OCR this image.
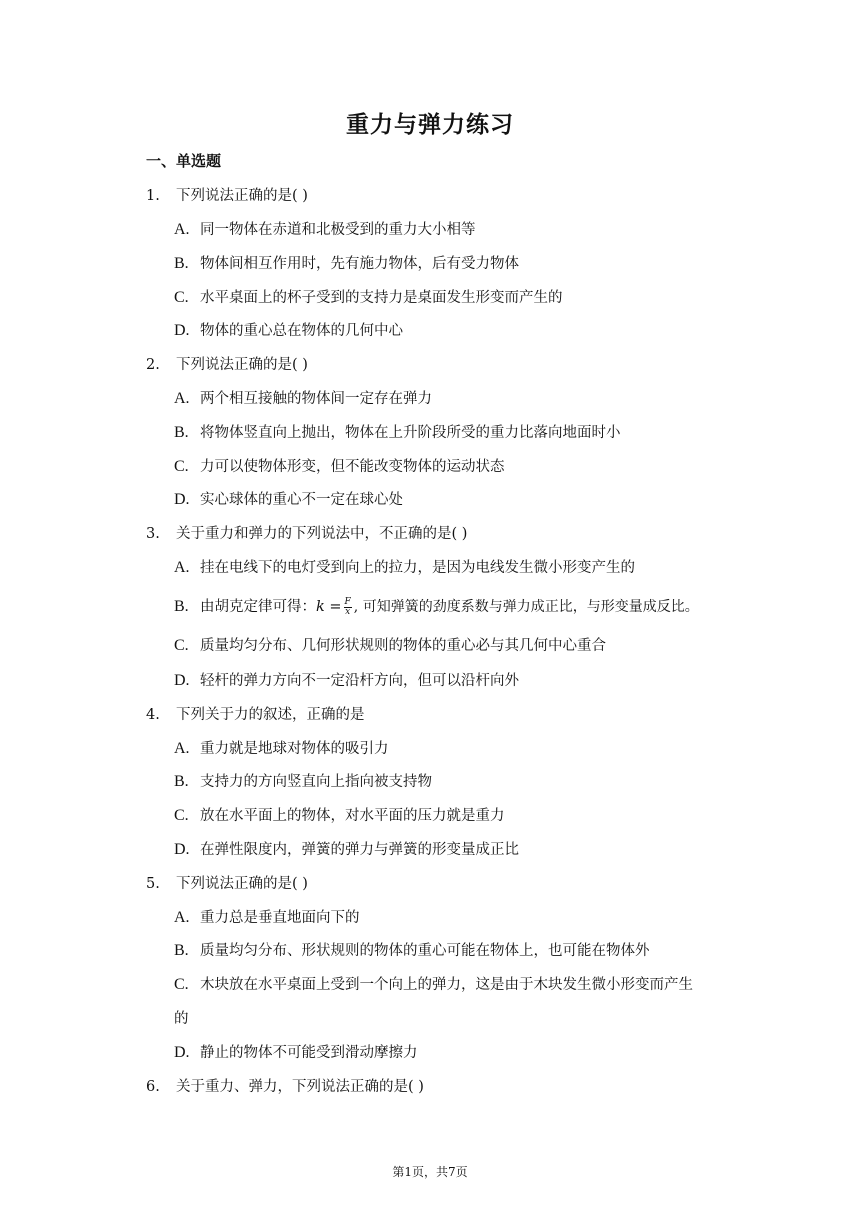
重力与弹力练习
一、单选题
1. 下列说法正确的是( )
A. 同一物体在赤道和北极受到的重力大小相等
B. 物体间相互作用时，先有施力物体，后有受力物体
C. 水平桌面上的杯子受到的支持力是桌面发生形变而产生的
D. 物体的重心总在物体的几何中心
2. 下列说法正确的是( )
A. 两个相互接触的物体间一定存在弹力
B. 将物体竖直向上抛出，物体在上升阶段所受的重力比落向地面时小
C. 力可以使物体形变，但不能改变物体的运动状态
D. 实心球体的重心不一定在球心处
3. 关于重力和弹力的下列说法中，不正确的是( )
A. 挂在电线下的电灯受到向上的拉力，是因为电线发生微小形变产生的
B. 由胡克定律可得：$k = \frac{F}{x}$ , 可知弹簧的劲度系数与弹力成正比，与形变量成反比。
C. 质量均匀分布、几何形状规则的物体的重心必与其几何中心重合
D. 轻杆的弹力方向不一定沿杆方向，但可以沿杆向外
4. 下列关于力的叙述，正确的是
A. 重力就是地球对物体的吸引力
B. 支持力的方向竖直向上指向被支持物
C. 放在水平面上的物体，对水平面的压力就是重力
D. 在弹性限度内，弹簧的弹力与弹簧的形变量成正比
5. 下列说法正确的是( )
A. 重力总是垂直地面向下的
B. 质量均匀分布、形状规则的物体的重心可能在物体上，也可能在物体外
C. 木块放在水平桌面上受到一个向上的弹力，这是由于木块发生微小形变而产生
的
D. 静止的物体不可能受到滑动摩擦力
6. 关于重力、弹力，下列说法正确的是( )
第1页，共7页
